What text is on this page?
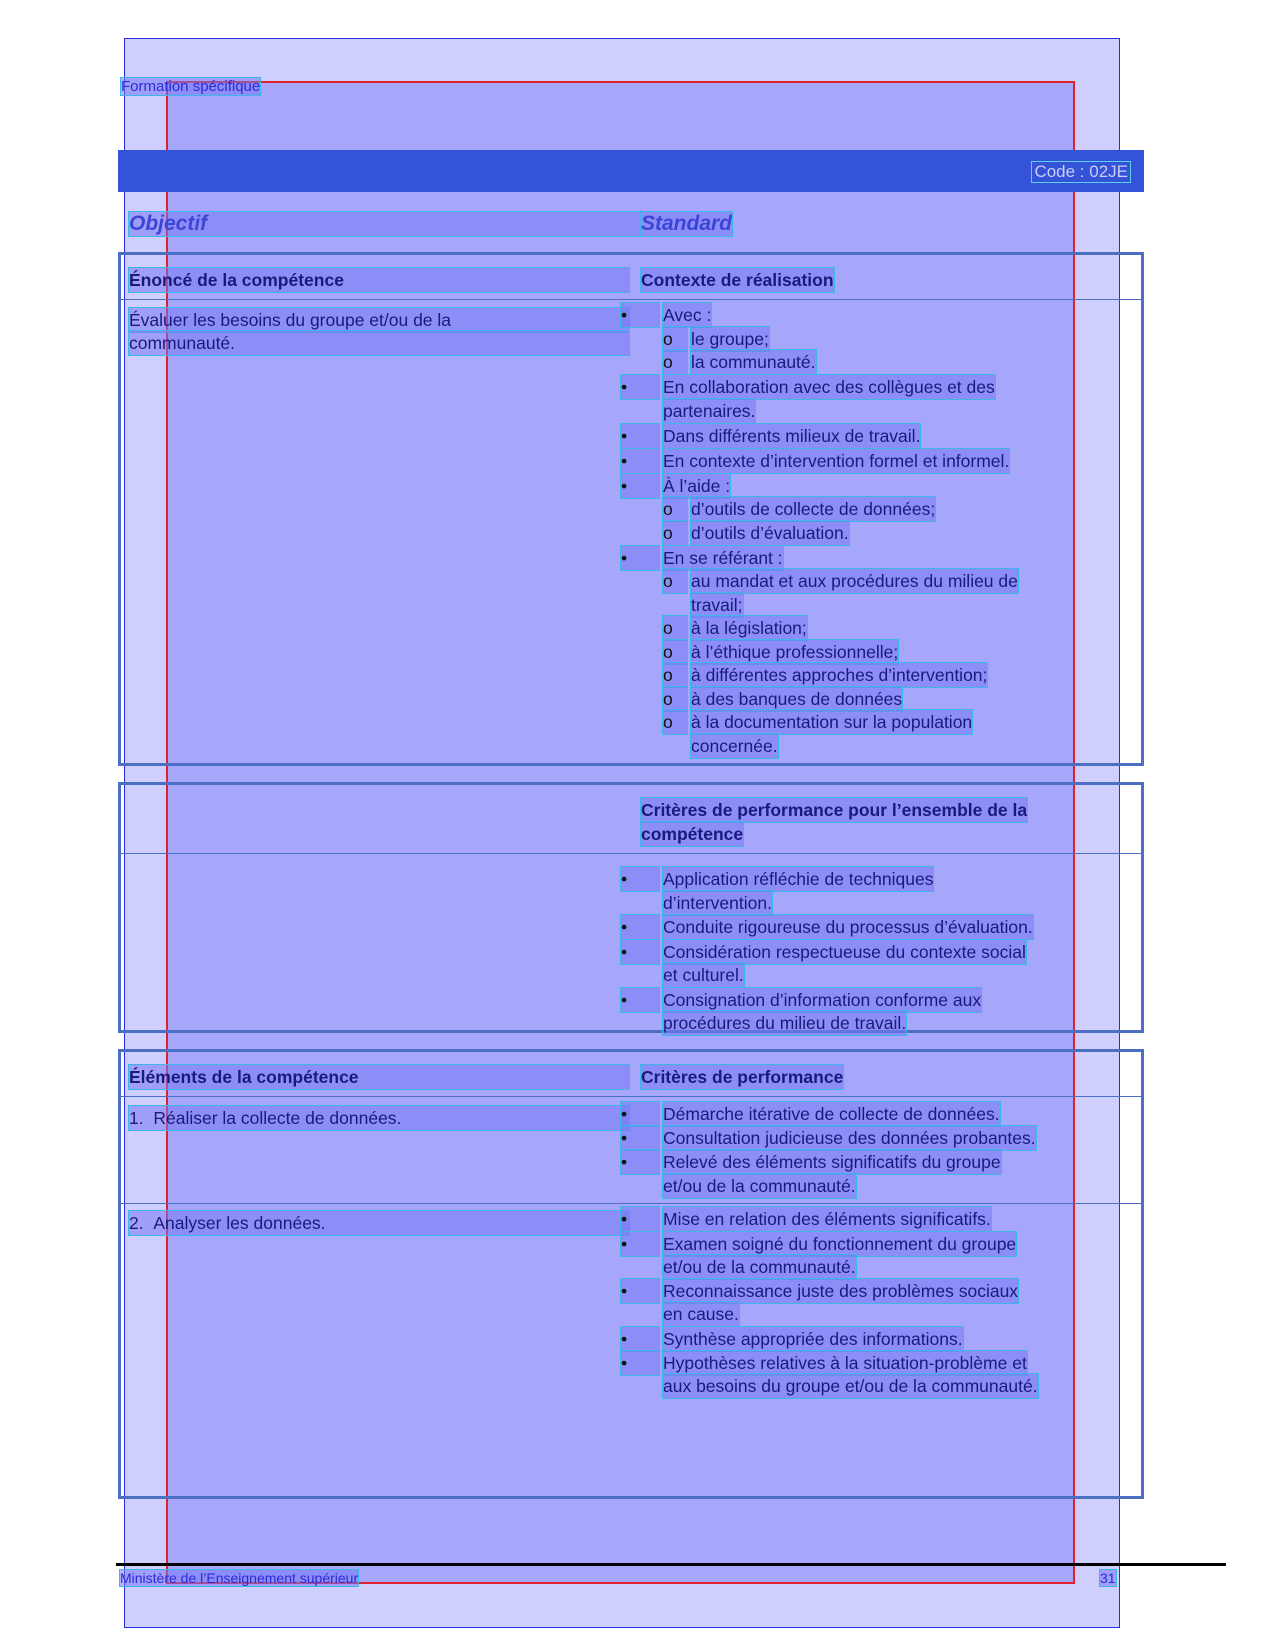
Formation spécifique
Code : 02JE
Objectif	Standard
Énoncé de la compétence	Contexte de réalisation
Évaluer les besoins du groupe et/ou de la
communauté.
•	Avec :
o	le groupe;
o	la communauté.
•	En collaboration avec des collègues et des
partenaires.
•	Dans différents milieux de travail.
•	En contexte d’intervention formel et informel.
•	À l’aide :
o	d’outils de collecte de données;
o	d’outils d’évaluation.
•	En se référant :
o	au mandat et aux procédures du milieu de
travail;
o	à la législation;
o	à l’éthique professionnelle;
o	à différentes approches d’intervention;
o	à des banques de données
o	à la documentation sur la population
concernée.
Critères de performance pour l’ensemble de la
compétence
•	Application réfléchie de techniques
d’intervention.
•	Conduite rigoureuse du processus d’évaluation.
•	Considération respectueuse du contexte social
et culturel.
•	Consignation d’information conforme aux
procédures du milieu de travail.
Éléments de la compétence	Critères de performance
1. Réaliser la collecte de données.	•	Démarche itérative de collecte de données.
•	Consultation judicieuse des données probantes.
•	Relevé des éléments significatifs du groupe
et/ou de la communauté.
2. Analyser les données.	•	Mise en relation des éléments significatifs.
•	Examen soigné du fonctionnement du groupe
et/ou de la communauté.
•	Reconnaissance juste des problèmes sociaux
en cause.
•	Synthèse appropriée des informations.
•	Hypothèses relatives à la situation-problème et
aux besoins du groupe et/ou de la communauté.
Ministère de l’Enseignement supérieur	31
